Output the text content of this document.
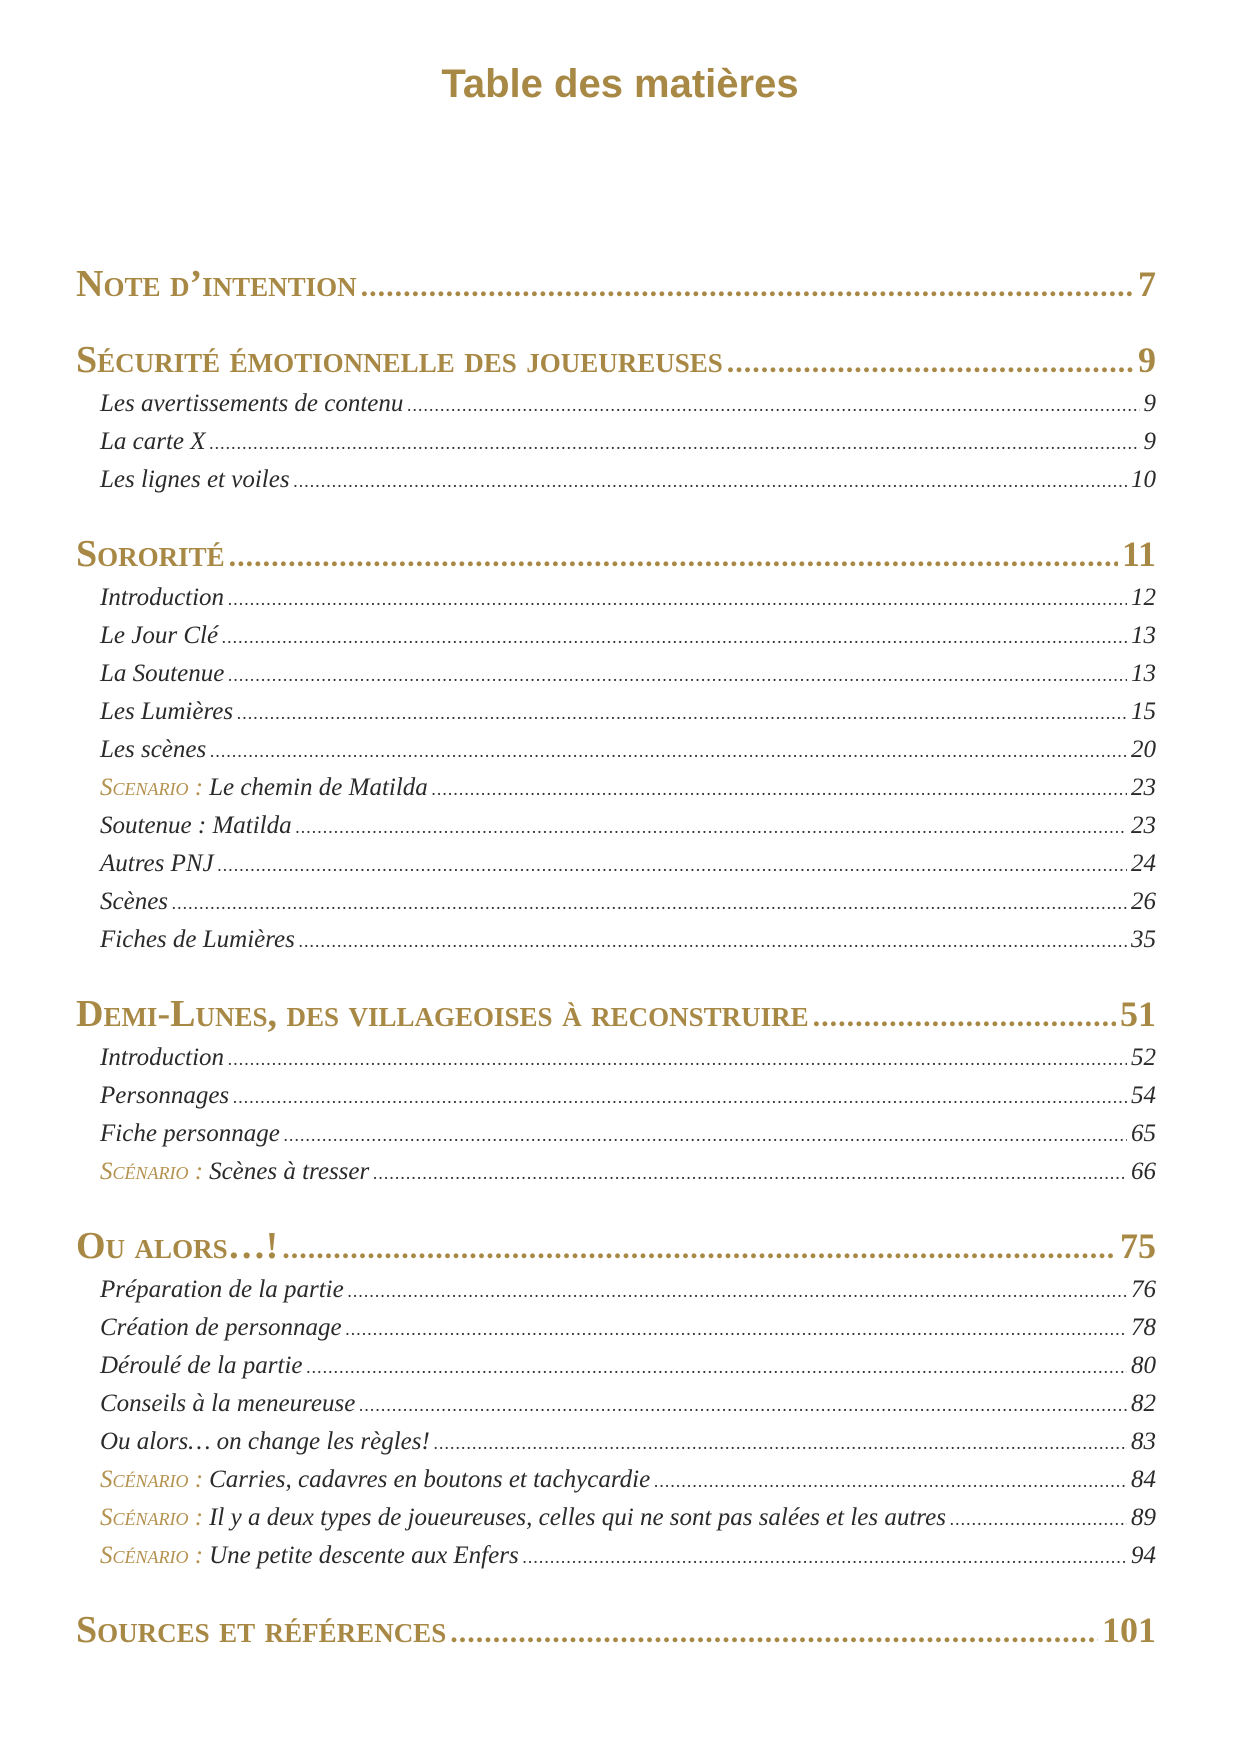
Table des matières
Note d’intention .....	7
Sécurité émotionnelle des joueureuses .....	9
Les avertissements de contenu .....	9
La carte X .....	9
Les lignes et voiles .....	10
Sororité .....	11
Introduction .....	12
Le Jour Clé .....	13
La Soutenue .....	13
Les Lumières .....	15
Les scènes .....	20
Scenario : Le chemin de Matilda .....	23
Soutenue : Matilda .....	23
Autres PNJ .....	24
Scènes .....	26
Fiches de Lumières .....	35
Demi-Lunes, des villageoises à reconstruire .....	51
Introduction .....	52
Personnages .....	54
Fiche personnage .....	65
Scénario : Scènes à tresser .....	66
Ou alors…! .....	75
Préparation de la partie .....	76
Création de personnage .....	78
Déroulé de la partie .....	80
Conseils à la meneureuse .....	82
Ou alors… on change les règles! .....	83
Scénario : Carries, cadavres en boutons et tachycardie .....	84
Scénario : Il y a deux types de joueureuses, celles qui ne sont pas salées et les autres .....	89
Scénario : Une petite descente aux Enfers .....	94
Sources et références .....	101
